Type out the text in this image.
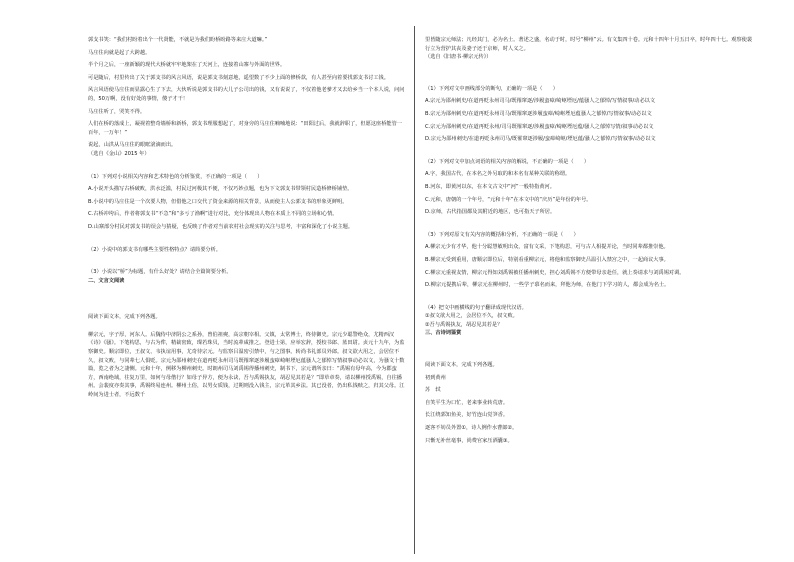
郭支书笑：“我们村盼着出个一代贤能，不就是为我们盼桥盼路等来庄大道嘛。”

马庄住向就是起了大跨越。

半个月之后，一座新颖的现代大桥就牢牢地架在了天河上，连接着山寨与外面的世界。

可是随后，村里传出了关于郭支书的风言风语，说是郭支书刻意地，遥望数了不少上面的修桥款，有人甚至向着要找郭支书讨工钱。

风言风语使马庄住而显露心生了下去，大伙听说是郭支书的大儿子公司出的钱，又有说说了，不仅着他老爹才又去给乡当一个本人说，问问的，50万啊，没有好处的事情，傻子才干！

马庄住听了，哭笑不得。

人们在桥的落成上，凝视着整奇墙桥和新桥，郭支书理服想起了，对身旁的马庄住喃喃地说：“田阳过后，我就辞职了，但愿这座桥能管一百年，一万年！”

说起，山洪从马庄住的眼眶滚滴而出。

（选自《金山》2015 年）

（1）下列对小说相关内容和艺术特色的分析鉴赏，不正确的一项是（　　）

A.小说开头描写古桥破败，洪水泛滥，村民过河极其不便，不仅巧妙点题，也为下文郭支书带领村民造桥修桥铺垫。

B.小说中的马庄住是一个次要人物，但借他之口交代了资金来源的相关背景，从而使主人公郭支书的形象更鲜明。

C.古桥冲垮后，作者将郭支书“不急”和“多亏了渔啊”进行对比，充分体现出人物在本质上不同的立场和心情。

D.山寨部分村民对郭支书的误会与猜疑，也反映了作者对当前农村社会现实的关注与思考，丰富和深化了小说主题。

（2）小说中的郭支书有哪些主要性格特点？请简要分析。

（3）小说以“桥”为标题，有什么好处？请结合全篇简要分析。

二、文言文阅读

阅读下面文本，完成下列各题。

柳宗元，字子厚，河东人。后魏侍中济阴公之系孙，曾伯祖奭，高宗朝宰相。父镇，太常博士，终侍御史。宗元少聪警绝众，尤精西汉《诗》《骚》。下笔构思，与古为侔，精裁密致，璨若珠贝，当时流辈咸推之。登进士第，应举宏辞，授校书郎、蓝田尉。贞元十九年，为监察御史。顺宗即位，王叔文、韦执谊用事，尤奇待宗元。与监察吕温密引禁中，与之图事。转尚书礼部员外郎。叔文欲大用之，会居位不久，叔文败，与同辈七人俱贬。宗元为邵州刺史在道再贬永州司马既罹窜逐涉履蛮瘴崎岖堙厄蕴骚人之郁悼写情叙事动必以文，为骚文十数篇，览之者为之凄恻。元和十年，例移为柳州刺史。时朗州司马刘禹锡得播州刺史，制书下，宗元谓所亲曰：“禹锡有母年高，今为郡蛮方，西南绝域，往复万里，如何与母偕行？如母子异方，便为永诀，吾与禹锡执友，胡忍见其若是？”即草章奏，请以柳州授禹锡，自往播州。会裴度亦奏其事，禹锡终易连州。柳州土俗，以男女质钱，过期则没入钱主，宗元革其乡法。其已没者，仍出私钱赎之，归其父母。江岭间为进士者，不远数千

里皆随宗元师法；凡经其门，必为名士。著述之盛，名动于时，时号“柳州”云。有文集四十卷。元和十四年十月五日卒，时年四十七。观察使裴行立为营护其丧及妻子还于京师，时人义之。

（选自《旧唐书·柳宗元传》）

（1）下列对文中画线部分的断句，正确的一项是（　　）

A.宗元为邵州刺史/在道再贬永州司马/既罹窜逐/涉履蛮瘴/崎岖堙厄/蕴骚人之郁悼/写情叙事/动必以文

B.宗元为邵州刺史/在道再贬永州司马/既罹窜逐涉履蛮瘴/崎岖堙厄蕴骚人之郁悼/写情叙事/动必以文

C.宗元为邵州刺史/在道再贬永州/司马既罹窜逐/涉履蛮瘴/崎岖堙厄蕴/骚人之郁悼写情/叙事动必以文

D.宗元为邵州刺史/在道再贬永州司马/既罹窜逐涉履/蛮瘴崎岖/堙厄蕴/骚人之郁悼/写情叙事/动必以文

（2）下列对文中加点词语的相关内容的解说，不正确的一项是（　　）

A.字，我国古代，在本名之外另取的和本名有某种关联的称谓。

B.河东，即黄河以东，在本文古文中“河”一般特指黄河。

C.元和，唐朝的一个年号，“元和十年”在本文中的“庆历”是年份的年号。

D.京师，古代指国都及其附近的地区，也可指天子所居。

（3）下列对原文有关内容的概括和分析，不正确的一项是（　　）

A.柳宗元少有才华，他十分聪慧敏明出众，富有文采，下笔构思，可与古人相提并论，当时同辈都推崇他。

B.柳宗元受到重用，唐顺宗即位后，特别看重柳宗元，将他和监察御史吕温引入禁宫之中，一起商议大事。

C.柳宗元重视友情，柳宗元得知刘禹锡被任播州刺史，担心刘禹锡不方便带母亲赴任，就上奏请求与刘禹锡对调。

D.柳宗元提携后辈，柳宗元在柳州时，一些学子慕名而来，拜他为师，在他门下学习的人，都会成为名士。

（4）把文中画横线的句子翻译成现代汉语。

①叔文欲大用之，会居位不久，叔文败。

②吾与禹锡执友，胡忍见其若是？

三、古诗词鉴赏

阅读下面文本，完成下列各题。

初到黄州

苏　轼

自笑平生为口忙，老来事业转荒唐。

长江绕郭知鱼美，好竹连山觉笋香。

逐客不妨员外置①，诗人例作水曹郎②。

只惭无补丝毫事，尚费官家压酒囊③。
